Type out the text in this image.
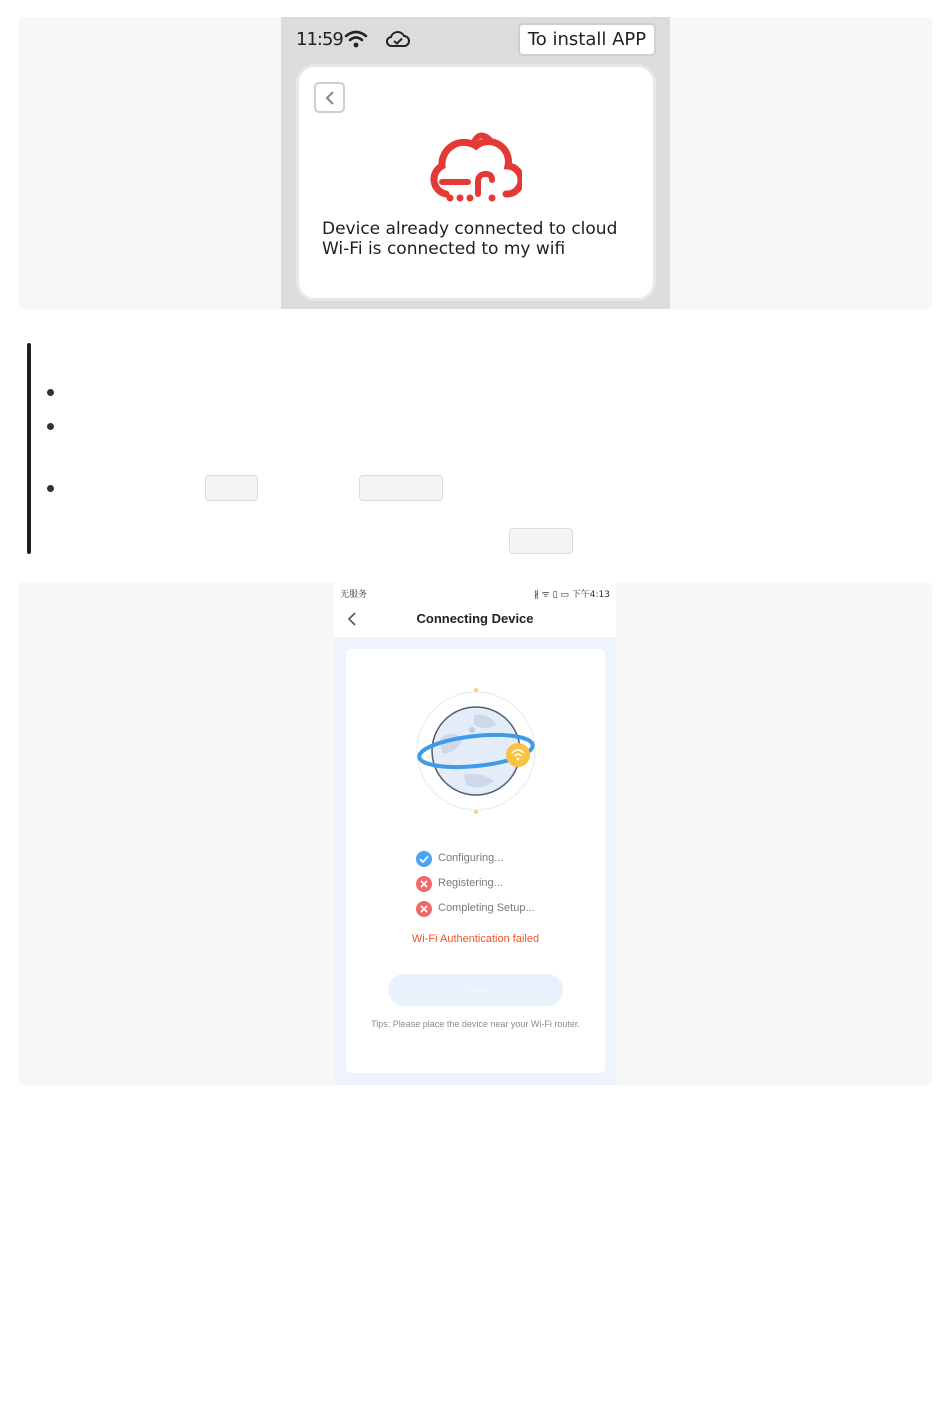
11:59	To install APP
Device already connected to cloud
Wi-Fi is connected to my wifi
无服务	∦ ᯤ ▯ ▭ 下午4:13
Connecting Device
Configuring...
Registering...
Completing Setup...
Wi-Fi Authentication failed
Next
Tips: Please place the device near your Wi-Fi router.
